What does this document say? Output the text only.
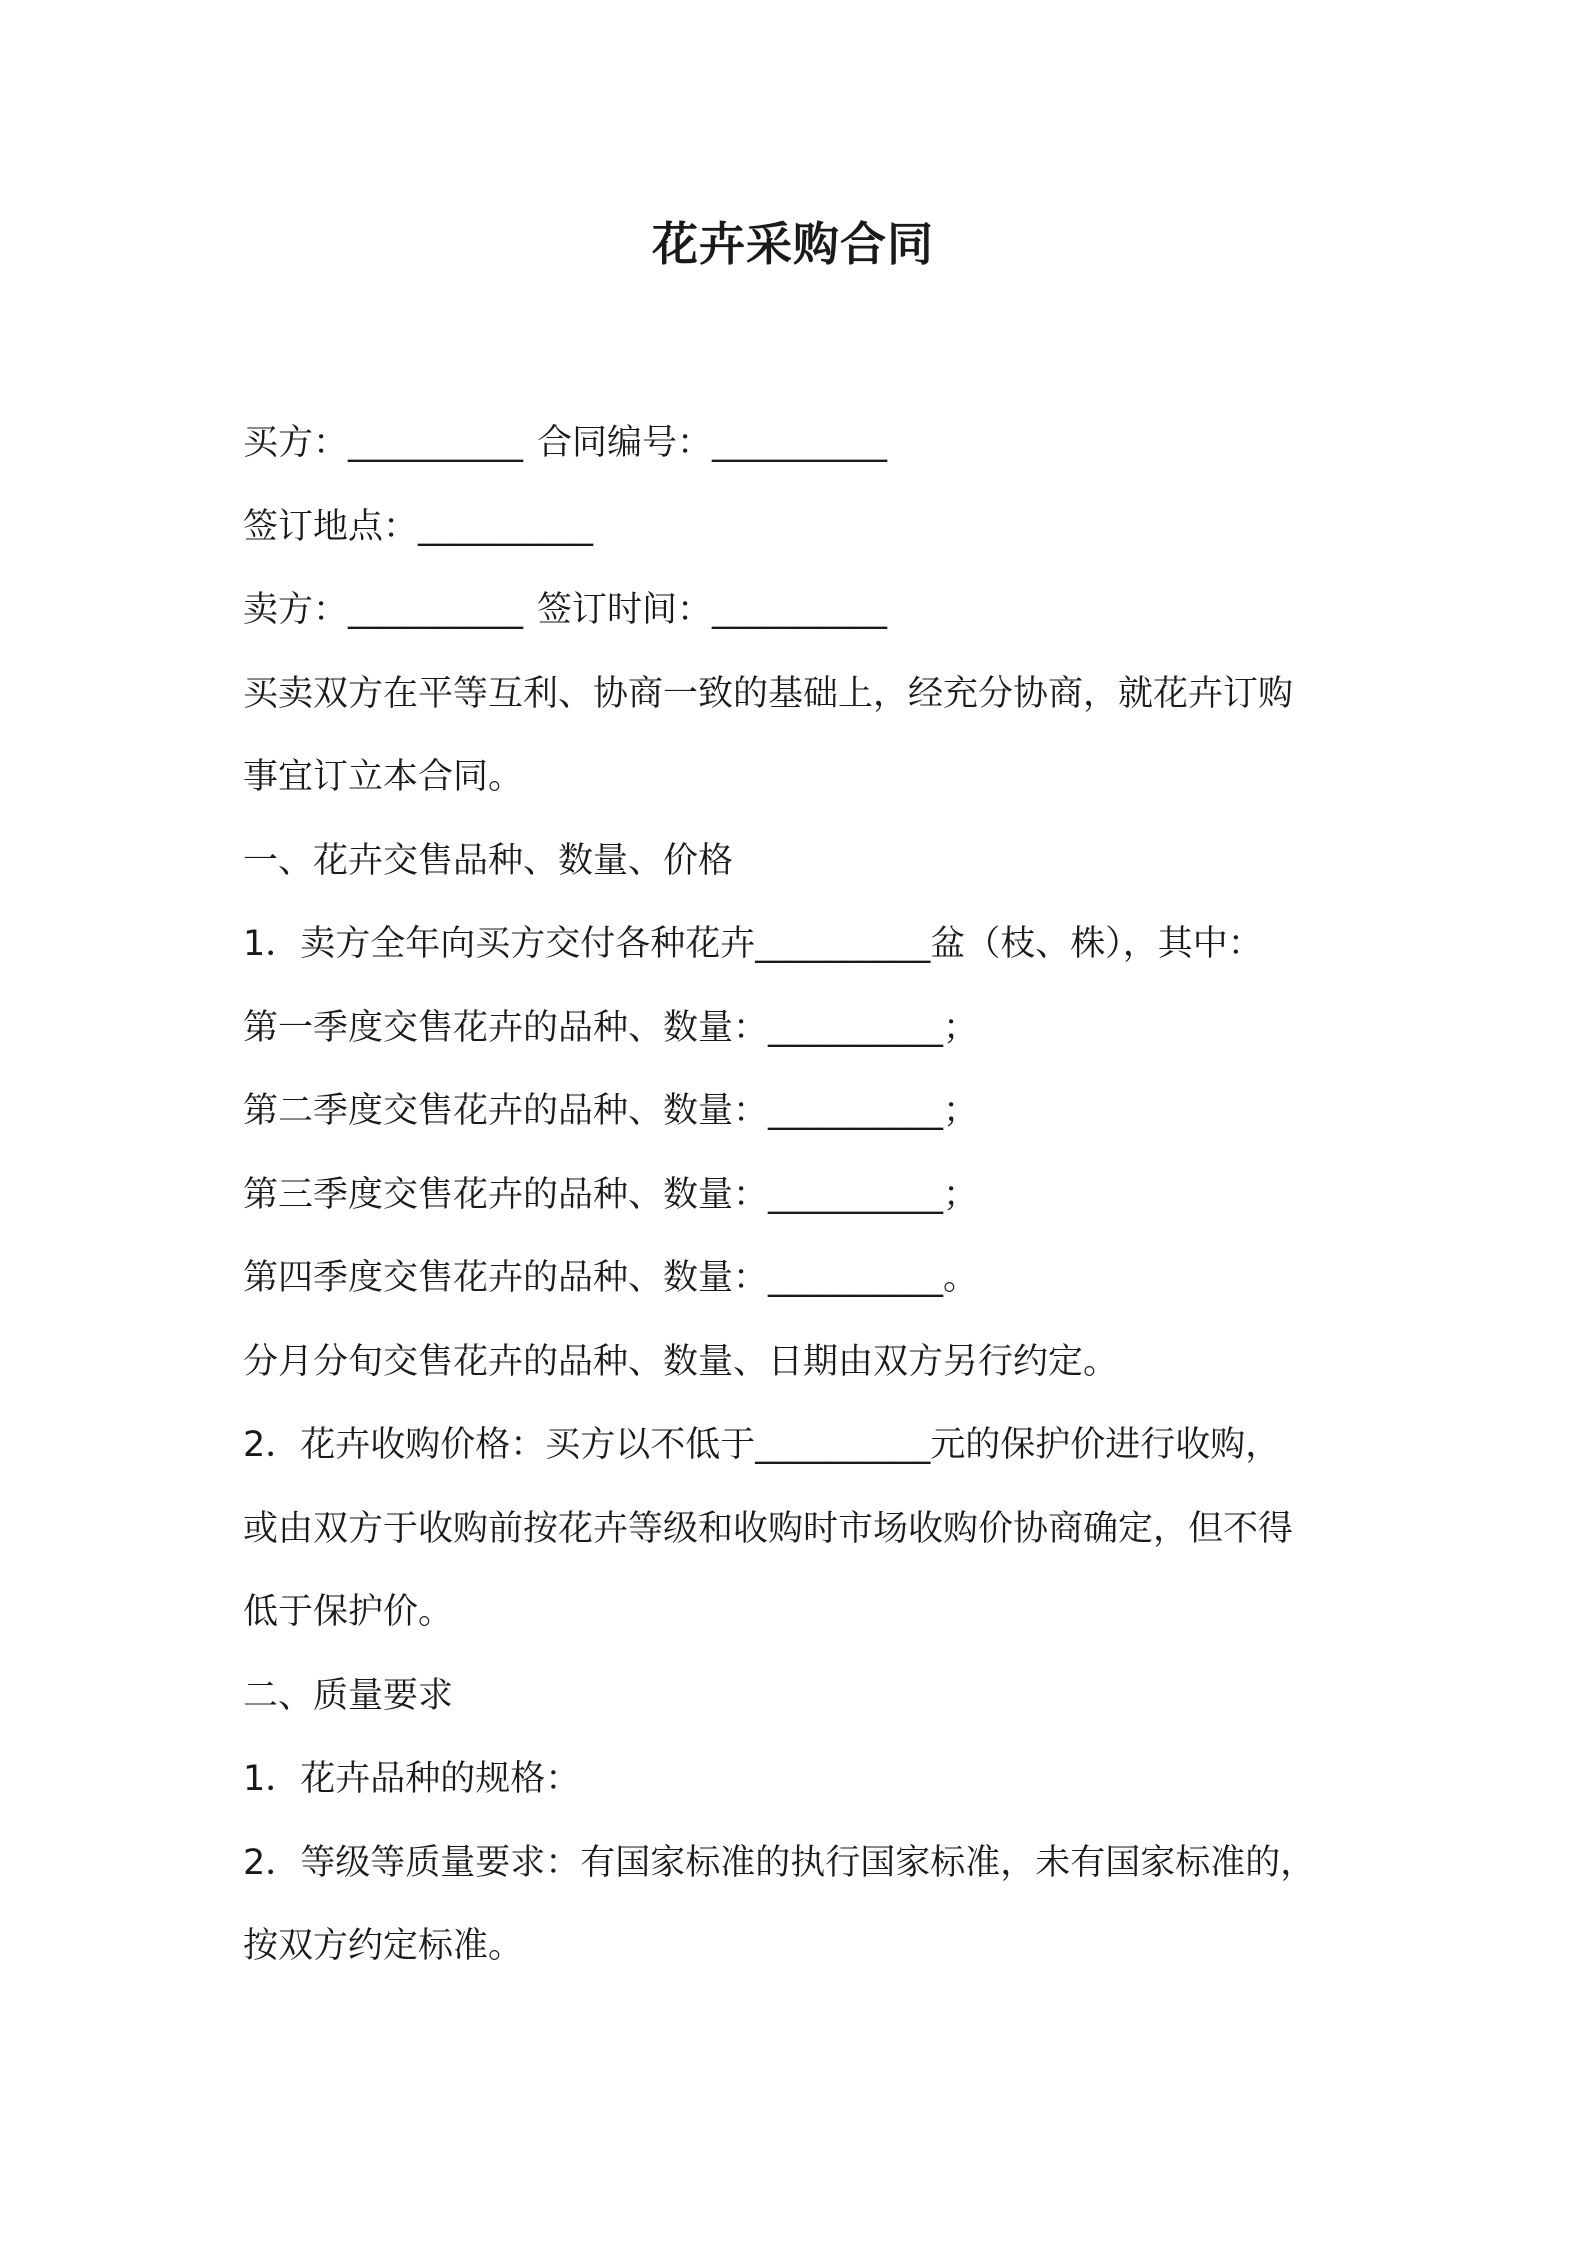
花卉采购合同
买方：__________ 合同编号：__________
签订地点：__________
卖方：__________ 签订时间：__________
买卖双方在平等互利、协商一致的基础上，经充分协商，就花卉订购
事宜订立本合同。
一、花卉交售品种、数量、价格
1．卖方全年向买方交付各种花卉__________盆（枝、株），其中：
第一季度交售花卉的品种、数量：__________；
第二季度交售花卉的品种、数量：__________；
第三季度交售花卉的品种、数量：__________；
第四季度交售花卉的品种、数量：__________。
分月分旬交售花卉的品种、数量、日期由双方另行约定。
2．花卉收购价格：买方以不低于__________元的保护价进行收购，
或由双方于收购前按花卉等级和收购时市场收购价协商确定，但不得
低于保护价。
二、质量要求
1．花卉品种的规格：
2．等级等质量要求：有国家标准的执行国家标准，未有国家标准的，
按双方约定标准。
